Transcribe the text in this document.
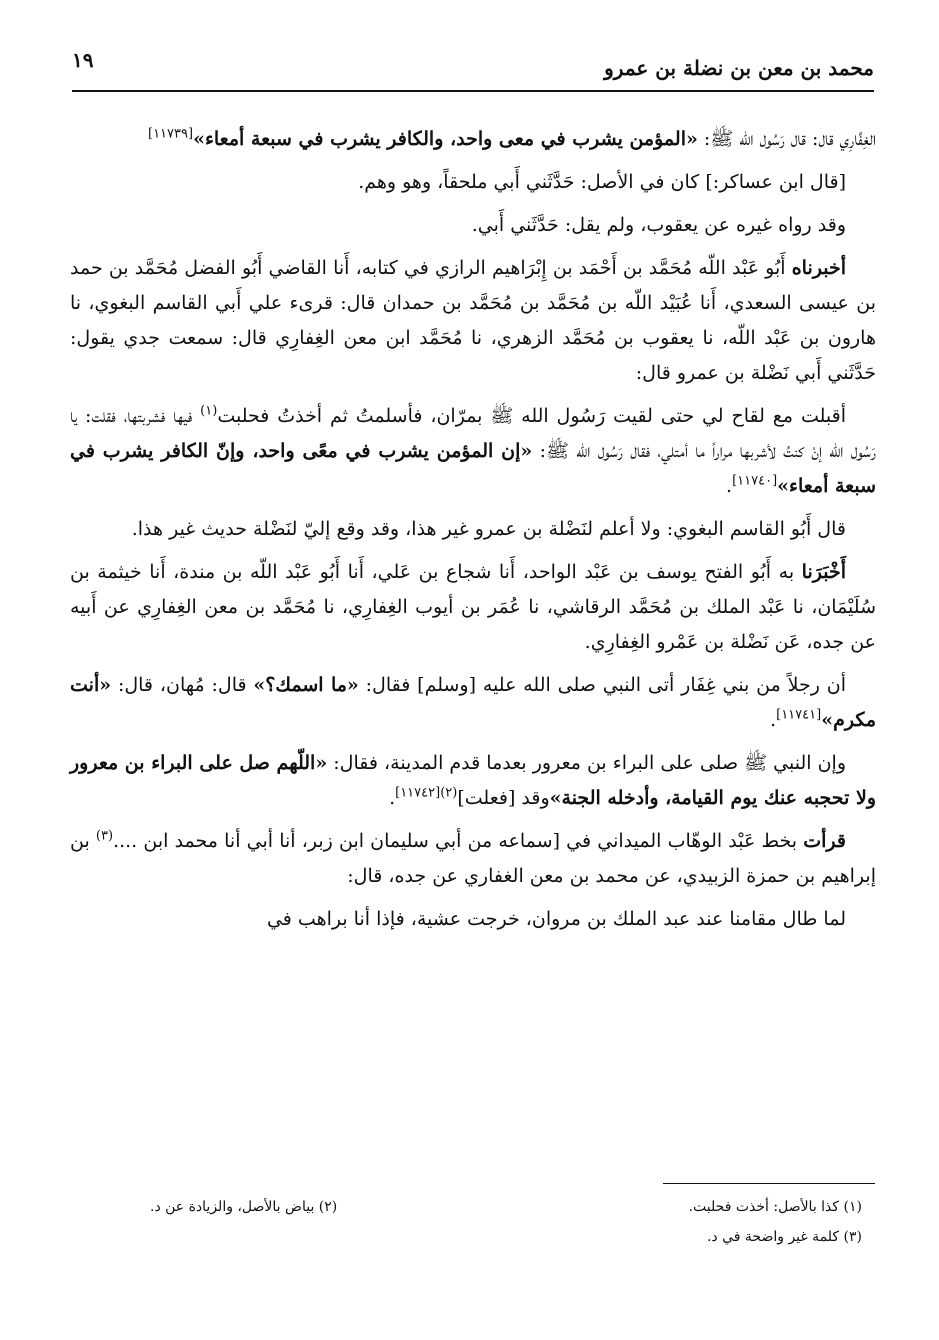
محمد بن معن بن نضلة بن عمرو
١٩

الغِفَّارِي قال: قال رَسُول الله ﷺ: «المؤمن يشرب في معى واحد، والكافر يشرب في سبعة أمعاء»[١١٧٣٩]

[قال ابن عساكر:] كان في الأصل: حَدَّثَني أَبي ملحقاً، وهو وهم.

وقد رواه غيره عن يعقوب، ولم يقل: حَدَّثَني أَبي.

أخبرناه أَبُو عَبْد اللّه مُحَمَّد بن أَحْمَد بن إِبْرَاهيم الرازي في كتابه، أَنا القاضي أَبُو الفضل مُحَمَّد بن حمد بن عيسى السعدي، أَنا عُبَيْد اللّه بن مُحَمَّد بن مُحَمَّد بن حمدان قال: قرىء علي أَبي القاسم البغوي، نا هارون بن عَبْد اللّه، نا يعقوب بن مُحَمَّد الزهري، نا مُحَمَّد ابن معن الغِفارِي قال: سمعت جدي يقول: حَدَّثَني أَبي نَضْلة بن عمرو قال:

أقبلت مع لقاح لي حتى لقيت رَسُول الله ﷺ بمرّان، فأسلمتُ ثم أخذتُ فحلبت$^{(١)}$ فيها فشربتها، فقلت: يا رَسُول الله إنْ كنتُ لأشربها مراراً ما أمتلي، فقال رَسُول الله ﷺ: «إن المؤمن يشرب في معًى واحد، وإنّ الكافر يشرب في سبعة أمعاء»[١١٧٤٠].

قال أَبُو القاسم البغوي: ولا أعلم لنَضْلة بن عمرو غير هذا، وقد وقع إليّ لنَضْلة حديث غير هذا.

أَخْبَرَنا به أَبُو الفتح يوسف بن عَبْد الواحد، أَنا شجاع بن عَلي، أَنا أَبُو عَبْد اللّه بن مندة، أَنا خيثمة بن سُلَيْمَان، نا عَبْد الملك بن مُحَمَّد الرقاشي، نا عُمَر بن أيوب الغِفارِي، نا مُحَمَّد بن معن الغِفارِي عن أَبيه عن جده، عَن نَضْلة بن عَمْرو الغِفارِي.

أن رجلاً من بني غِفَار أتى النبي صلى الله عليه [وسلم] فقال: «ما اسمك؟» قال: مُهان، قال: «أنت مكرم»[١١٧٤١].

وإن النبي ﷺ صلى على البراء بن معرور بعدما قدم المدينة، فقال: «اللّهم صل على البراء بن معرور ولا تحجبه عنك يوم القيامة، وأدخله الجنة»وقد [فعلت]$^{(٢)[١١٧٤٢]}$.

قرأت بخط عَبْد الوهّاب الميداني في [سماعه من أبي سليمان ابن زبر، أنا أبي أنا محمد ابن ....$^{(٣)}$ بن إبراهيم بن حمزة الزبيدي، عن محمد بن معن الغفاري عن جده، قال:

لما طال مقامنا عند عبد الملك بن مروان، خرجت عشية، فإذا أنا براهب في

(١) كذا بالأصل: أخذت فحلبت.
(٢) بياض بالأصل، والزيادة عن د.
(٣) كلمة غير واضحة في د.
